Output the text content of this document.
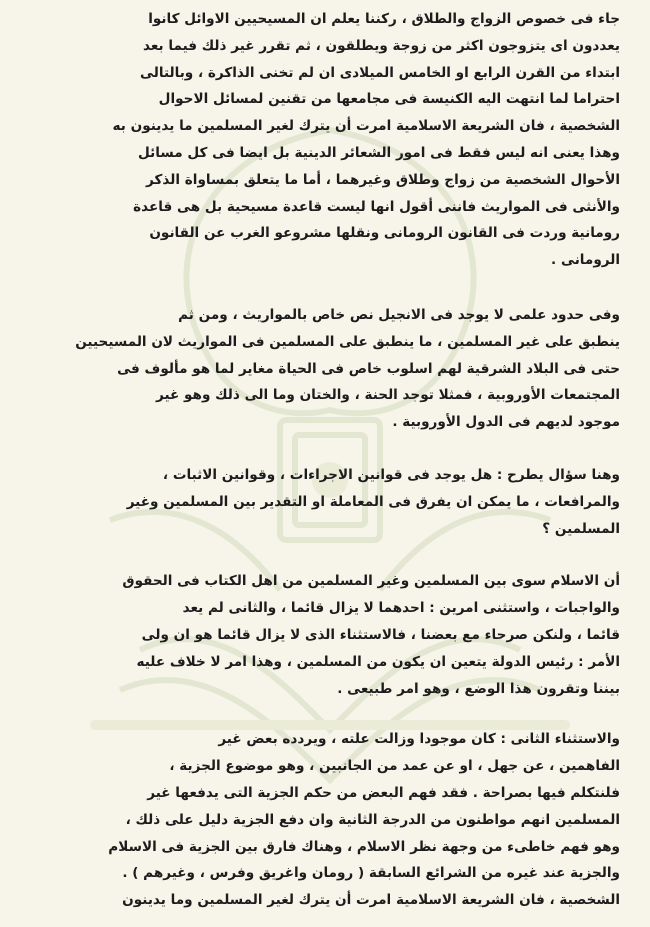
جاء فى خصوص الزواج والطلاق ، ركننا يعلم ان المسيحيين الاوائل كانوا
يعددون اى يتزوجون اكثر من زوجة ويطلقون ، ثم تقرر غير ذلك فيما بعد
ابتداء من القرن الرابع او الخامس الميلادى ان لم تخنى الذاكرة ، وبالتالى
احتراما لما انتهت اليه الكنيسة فى مجامعها من تقنين لمسائل الاحوال
الشخصية ، فان الشريعة الاسلامية امرت أن يترك لغير المسلمين ما يدينون به
وهذا يعنى انه ليس فقط فى امور الشعائر الدينية بل ايضا فى كل مسائل
الأحوال الشخصية من زواج وطلاق وغيرهما ، أما ما يتعلق بمساواة الذكر
والأنثى فى المواريث فاننى أقول انها ليست قاعدة مسيحية بل هى قاعدة
رومانية وردت فى القانون الرومانى ونقلها مشروعو الغرب عن القانون
الرومانى .

وفى حدود علمى لا يوجد فى الانجيل نص خاص بالمواريث ، ومن ثم
ينطبق على غير المسلمين ، ما ينطبق على المسلمين فى المواريث لان المسيحيين
حتى فى البلاد الشرقية لهم اسلوب خاص فى الحياة مغاير لما هو مألوف فى
المجتمعات الأوروبية ، فمثلا توجد الحنة ، والختان وما الى ذلك وهو غير
موجود لديهم فى الدول الأوروبية .

وهنا سؤال يطرح : هل يوجد فى قوانين الاجراءات ، وقوانين الاثبات ،
والمرافعات ، ما يمكن ان يفرق فى المعاملة او التقدير بين المسلمين وغير
المسلمين ؟

أن الاسلام سوى بين المسلمين وغير المسلمين من اهل الكتاب فى الحقوق
والواجبات ، واستثنى امرين : احدهما لا يزال قائما ، والثانى لم يعد
قائما ، ولنكن صرحاء مع بعضنا ، فالاستثناء الذى لا يزال قائما هو ان ولى
الأمر : رئيس الدولة يتعين ان يكون من المسلمين ، وهذا امر لا خلاف عليه
بيننا وتقرون هذا الوضع ، وهو امر طبيعى .

والاستثناء الثانى : كان موجودا وزالت علته ، ويردده بعض غير
الفاهمين ، عن جهل ، او عن عمد من الجانبين ، وهو موضوع الجزية ،
فلنتكلم فيها بصراحة . فقد فهم البعض من حكم الجزية التى يدفعها غير
المسلمين انهم مواطنون من الدرجة الثانية وان دفع الجزية دليل على ذلك ،
وهو فهم خاطىء من وجهة نظر الاسلام ، وهناك فارق بين الجزية فى الاسلام
والجزية عند غيره من الشرائع السابقة ( رومان واغريق وفرس ، وغيرهم ) .
الشخصية ، فان الشريعة الاسلامية امرت أن يترك لغير المسلمين وما يدينون
